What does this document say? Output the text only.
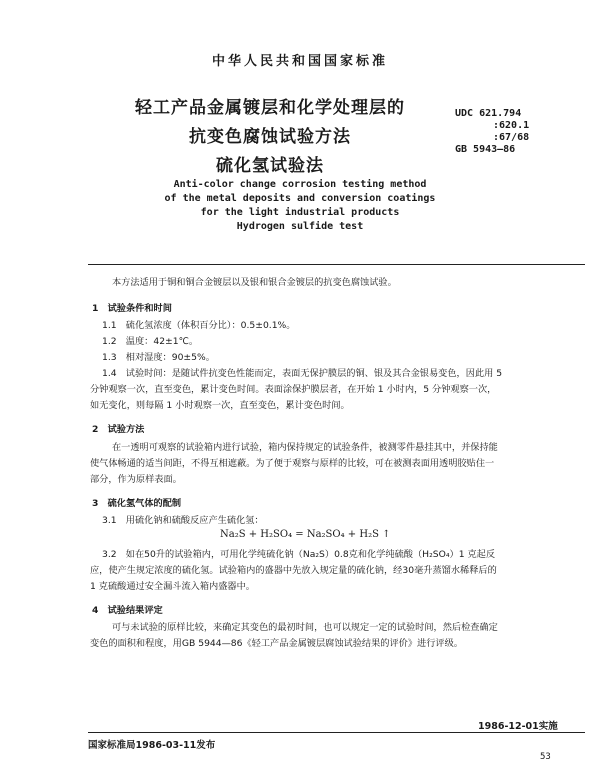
中华人民共和国国家标准
轻工产品金属镀层和化学处理层的
抗变色腐蚀试验方法
硫化氢试验法
UDC 621.794
:620.1
:67/68
GB 5943—86
Anti-color change corrosion testing method
of the metal deposits and conversion coatings
for the light industrial products
Hydrogen sulfide test
本方法适用于铜和铜合金镀层以及银和银合金镀层的抗变色腐蚀试验。
1　试验条件和时间
1.1　硫化氢浓度（体积百分比）：0.5±0.1%。
1.2　温度：42±1℃。
1.3　相对湿度：90±5%。
1.4　试验时间：是随试件抗变色性能而定，表面无保护膜层的铜、银及其合金银易变色，因此用 5
分钟观察一次，直至变色，累计变色时间。表面涂保护膜层者，在开始 1 小时内，5 分钟观察一次，
如无变化，则每隔 1 小时观察一次，直至变色，累计变色时间。
2　试验方法
在一透明可观察的试验箱内进行试验，箱内保持规定的试验条件，被测零件悬挂其中，并保持能
使气体畅通的适当间距，不得互相遮蔽。为了便于观察与原样的比较，可在被测表面用透明胶贴住一
部分，作为原样表面。
3　硫化氢气体的配制
3.1　用硫化钠和硫酸反应产生硫化氢：
Na₂S + H₂SO₄ = Na₂SO₄ + H₂S ↑
3.2　如在50升的试验箱内，可用化学纯硫化钠（Na₂S）0.8克和化学纯硫酸（H₂SO₄）1 克起反
应，使产生规定浓度的硫化氢。试验箱内的盛器中先放入规定量的硫化钠，经30毫升蒸馏水稀释后的
1 克硫酸通过安全漏斗流入箱内盛器中。
4　试验结果评定
可与未试验的原样比较，来确定其变色的最初时间，也可以规定一定的试验时间，然后检查确定
变色的面积和程度，用GB 5944—86《轻工产品金属镀层腐蚀试验结果的评价》进行评级。
国家标准局1986-03-11发布
1986-12-01实施
53
